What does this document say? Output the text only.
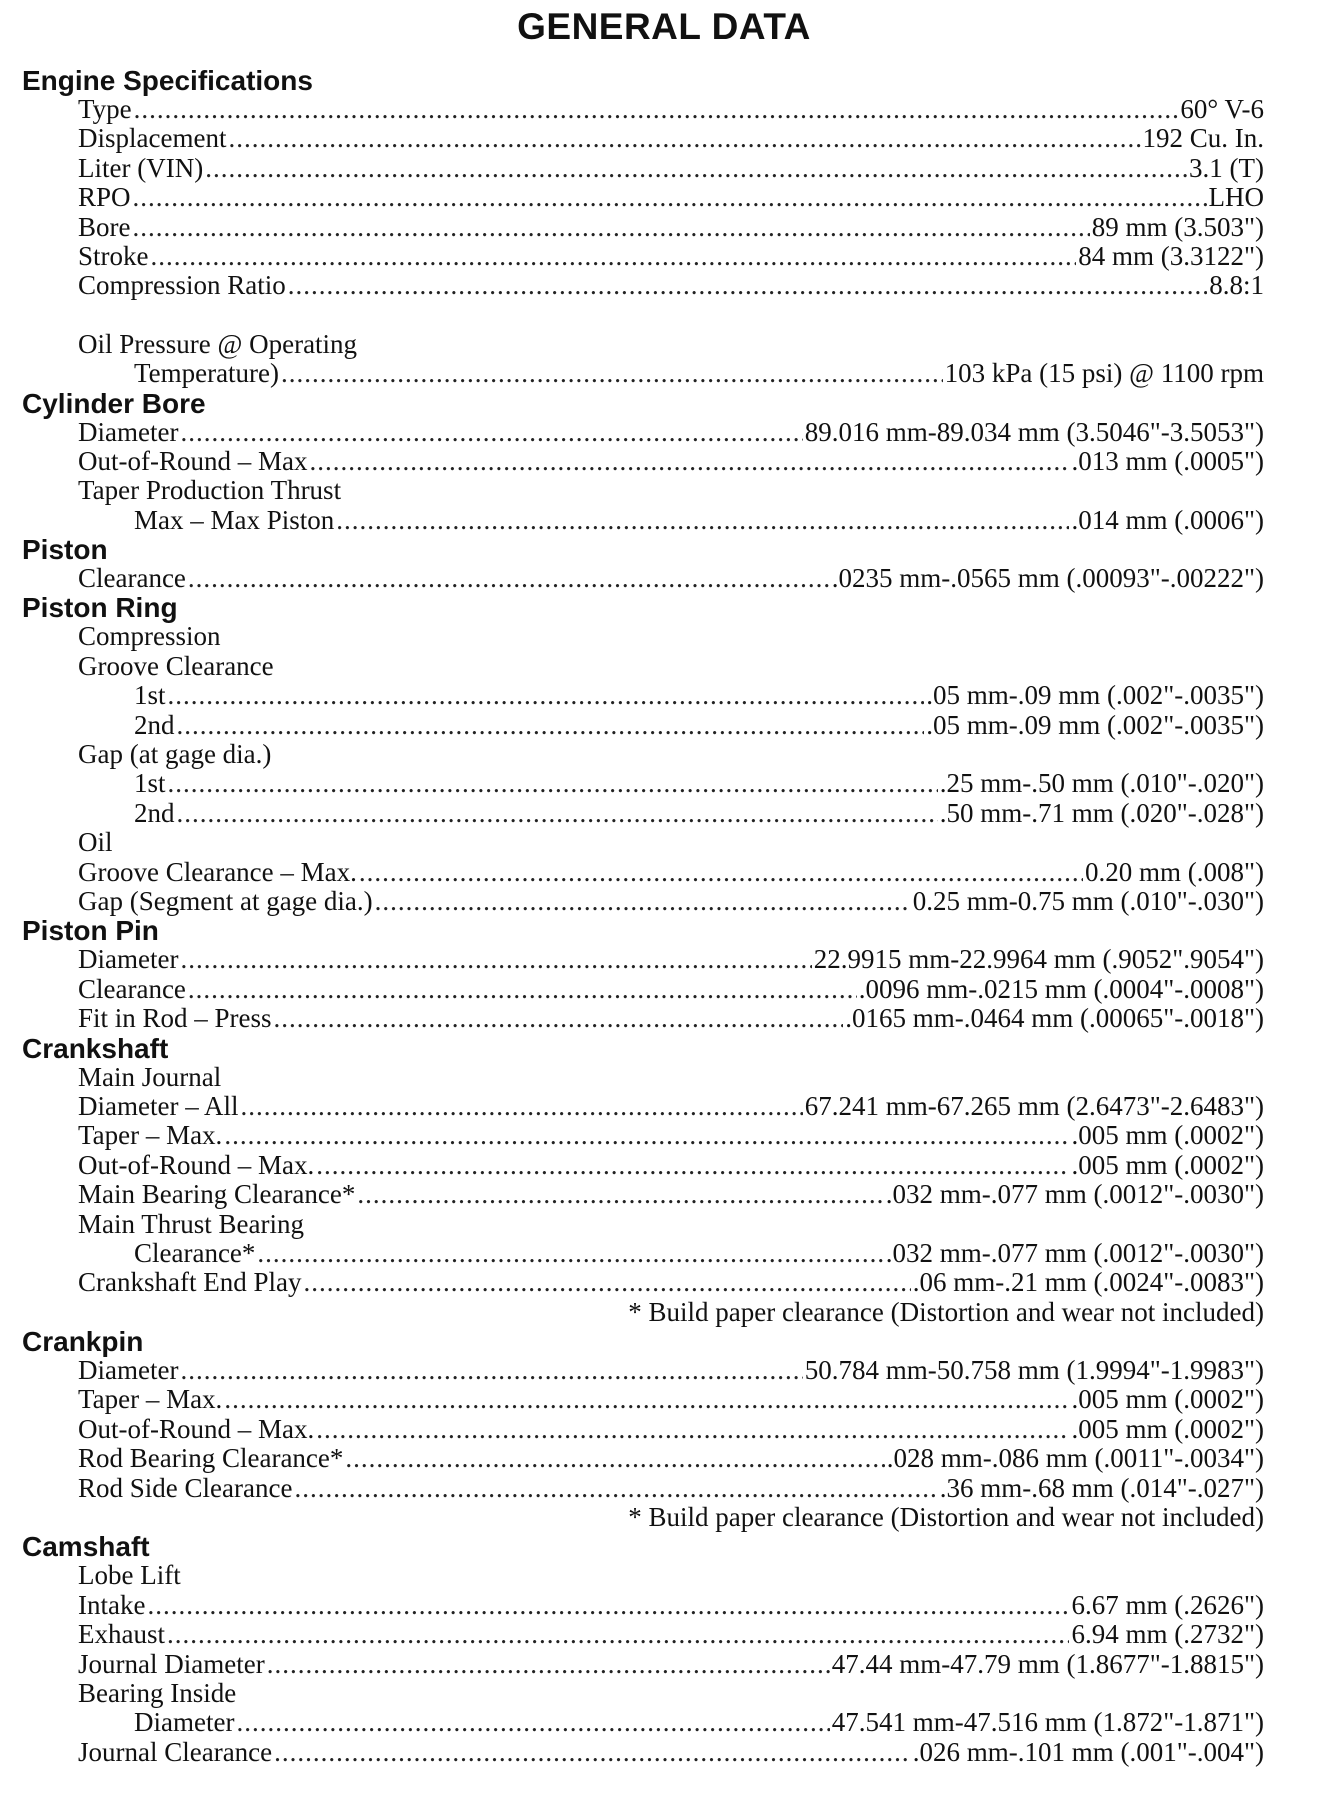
GENERAL DATA
Engine Specifications
Type .....	60° V-6
Displacement .....	192 Cu. In.
Liter (VIN) .....	3.1 (T)
RPO .....	LHO
Bore .....	89 mm (3.503")
Stroke .....	84 mm (3.3122")
Compression Ratio .....	8.8:1
Oil Pressure @ Operating
Temperature) .....	103 kPa (15 psi) @ 1100 rpm
Cylinder Bore
Diameter .....	89.016 mm-89.034 mm (3.5046"-3.5053")
Out-of-Round – Max .....	.013 mm (.0005")
Taper Production Thrust
Max – Max Piston .....	.014 mm (.0006")
Piston
Clearance .....	.0235 mm-.0565 mm (.00093"-.00222")
Piston Ring
Compression
Groove Clearance
1st .....	.05 mm-.09 mm (.002"-.0035")
2nd .....	.05 mm-.09 mm (.002"-.0035")
Gap (at gage dia.)
1st .....	.25 mm-.50 mm (.010"-.020")
2nd .....	.50 mm-.71 mm (.020"-.028")
Oil
Groove Clearance – Max. .....	0.20 mm (.008")
Gap (Segment at gage dia.) .....	0.25 mm-0.75 mm (.010"-.030")
Piston Pin
Diameter .....	22.9915 mm-22.9964 mm (.9052".9054")
Clearance .....	.0096 mm-.0215 mm (.0004"-.0008")
Fit in Rod – Press .....	.0165 mm-.0464 mm (.00065"-.0018")
Crankshaft
Main Journal
Diameter – All .....	67.241 mm-67.265 mm (2.6473"-2.6483")
Taper – Max. .....	.005 mm (.0002")
Out-of-Round – Max. .....	.005 mm (.0002")
Main Bearing Clearance* .....	.032 mm-.077 mm (.0012"-.0030")
Main Thrust Bearing
Clearance* .....	.032 mm-.077 mm (.0012"-.0030")
Crankshaft End Play .....	.06 mm-.21 mm (.0024"-.0083")
* Build paper clearance (Distortion and wear not included)
Crankpin
Diameter .....	50.784 mm-50.758 mm (1.9994"-1.9983")
Taper – Max. .....	.005 mm (.0002")
Out-of-Round – Max. .....	.005 mm (.0002")
Rod Bearing Clearance* .....	.028 mm-.086 mm (.0011"-.0034")
Rod Side Clearance .....	.36 mm-.68 mm (.014"-.027")
* Build paper clearance (Distortion and wear not included)
Camshaft
Lobe Lift
Intake .....	6.67 mm (.2626")
Exhaust .....	6.94 mm (.2732")
Journal Diameter .....	47.44 mm-47.79 mm (1.8677"-1.8815")
Bearing Inside
Diameter .....	47.541 mm-47.516 mm (1.872"-1.871")
Journal Clearance .....	.026 mm-.101 mm (.001"-.004")
